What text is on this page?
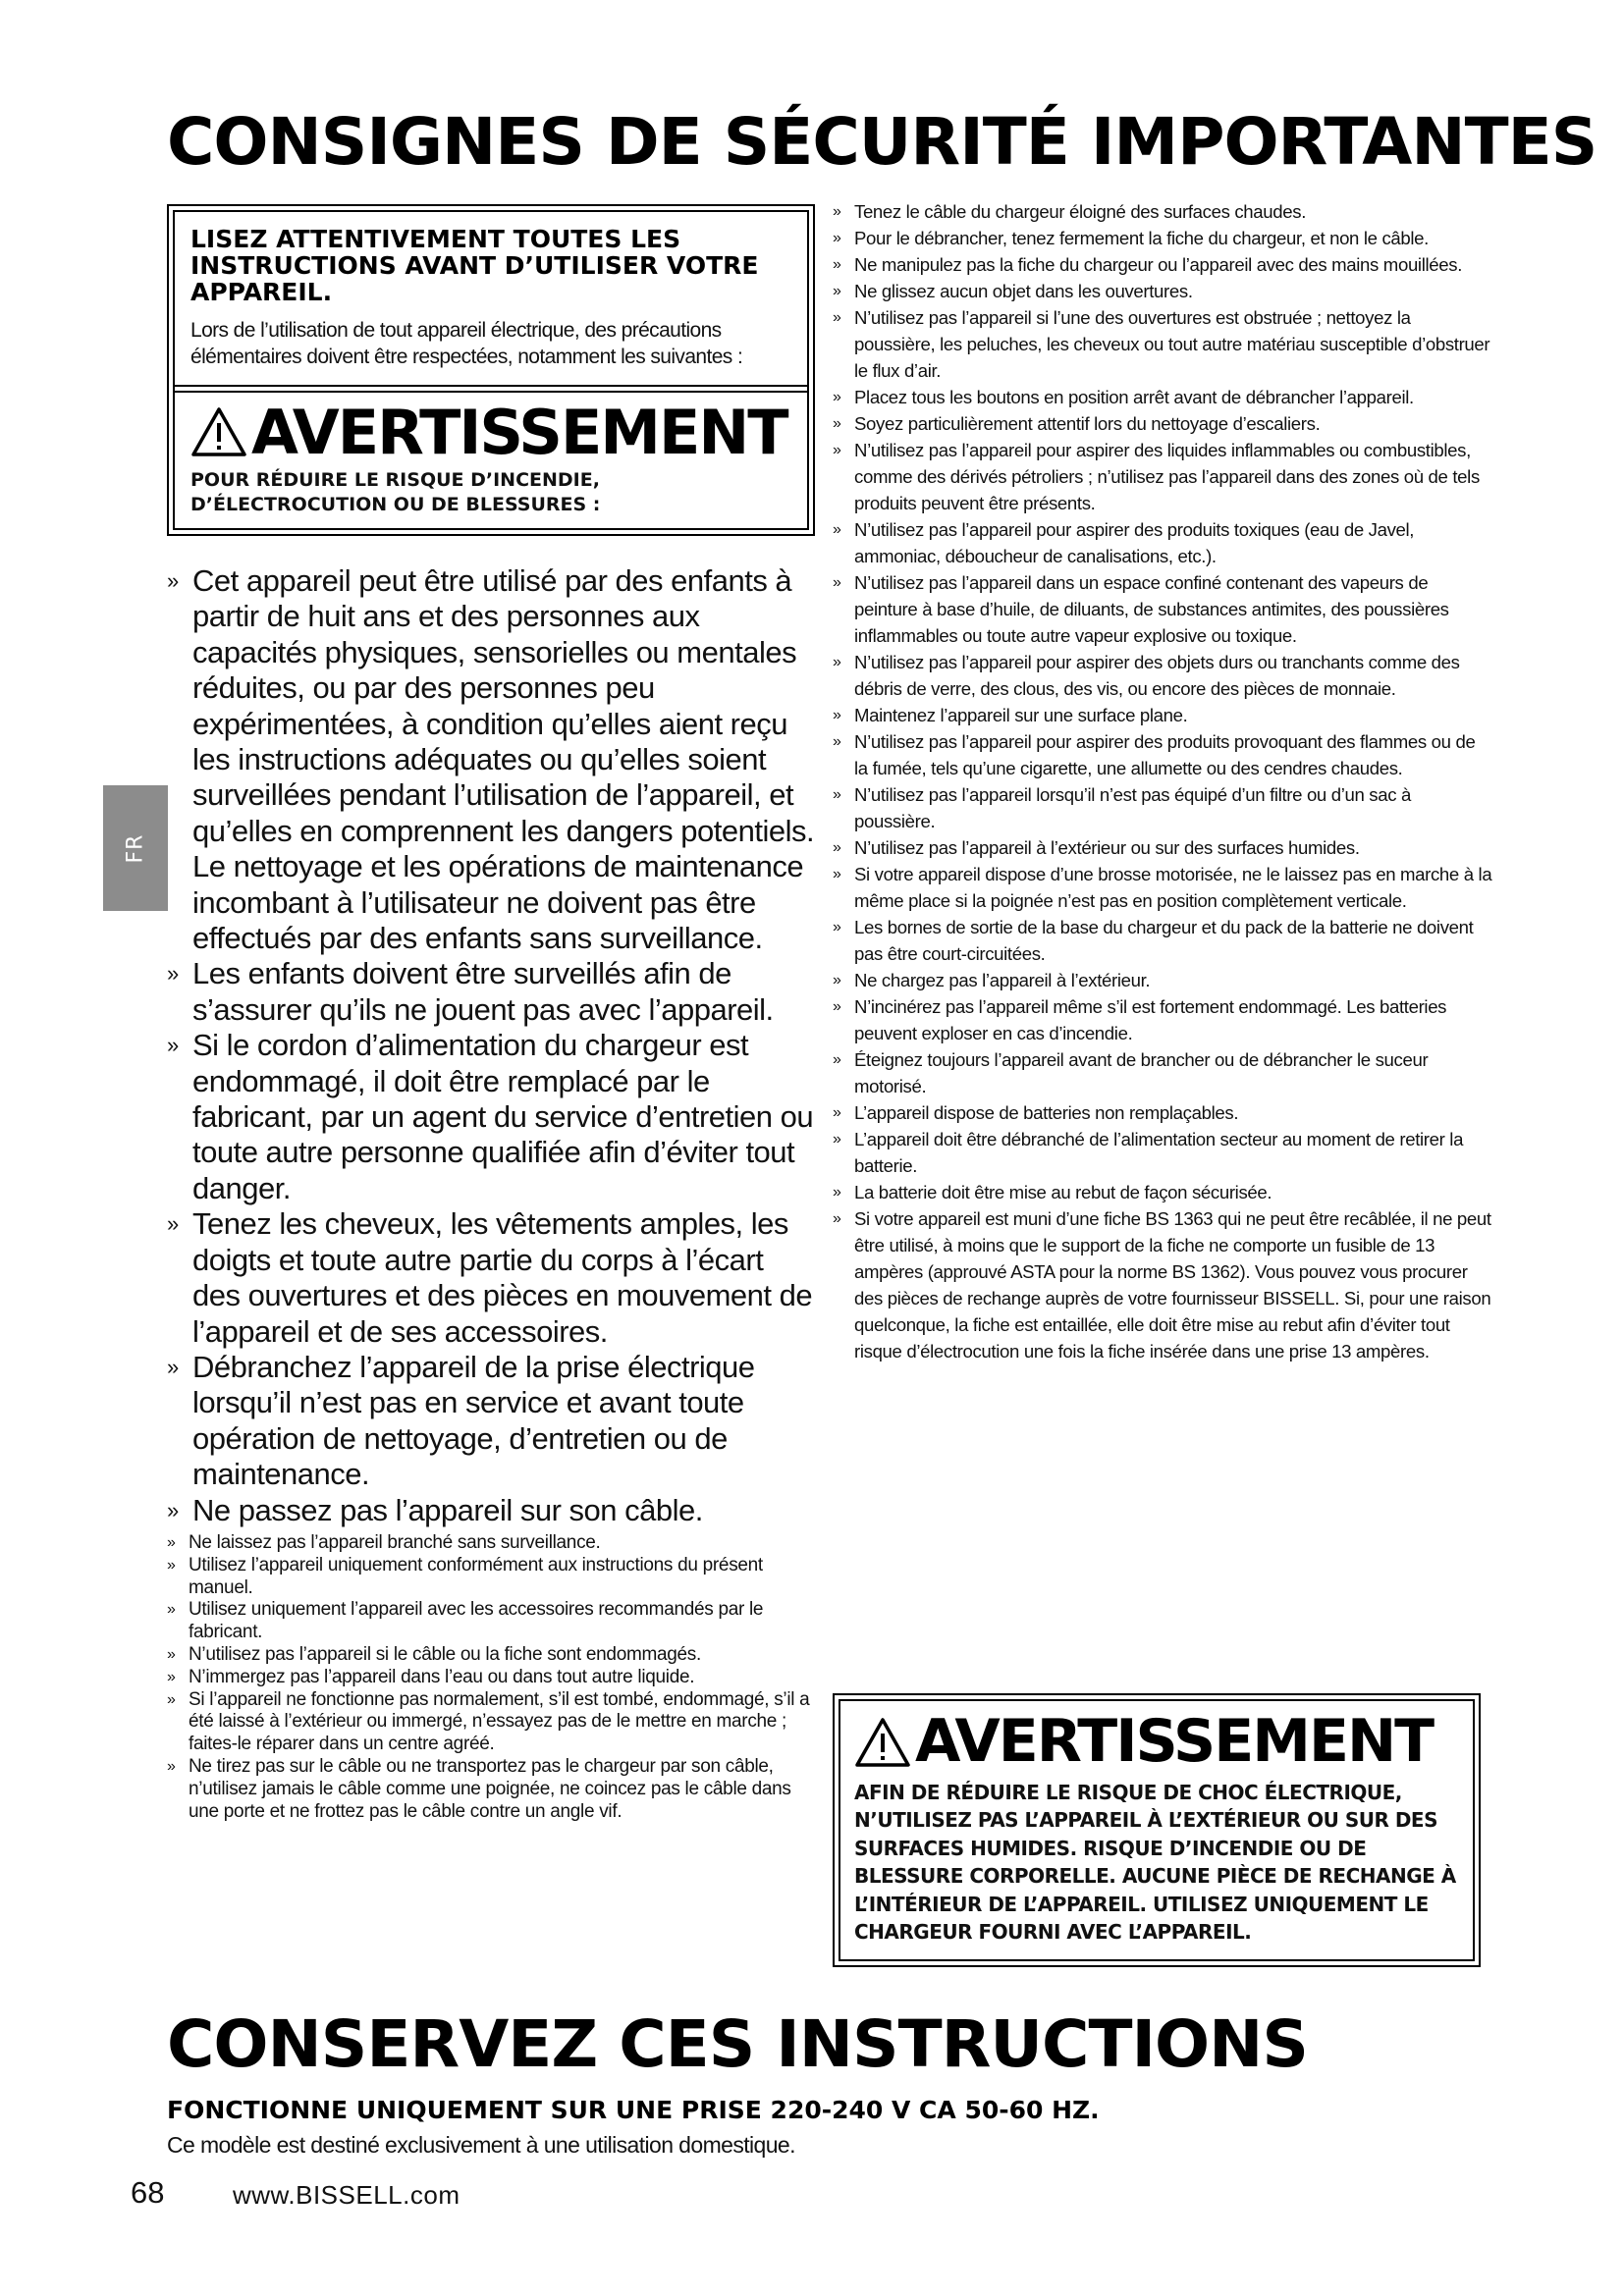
CONSIGNES DE SÉCURITÉ IMPORTANTES
FR
LISEZ ATTENTIVEMENT TOUTES LES INSTRUCTIONS AVANT D’UTILISER VOTRE APPAREIL.
Lors de l’utilisation de tout appareil électrique, des précautions élémentaires doivent être respectées, notamment les suivantes :
AVERTISSEMENT
POUR RÉDUIRE LE RISQUE D’INCENDIE, D’ÉLECTROCUTION OU DE BLESSURES :
» Cet appareil peut être utilisé par des enfants à partir de huit ans et des personnes aux capacités physiques, sensorielles ou mentales réduites, ou par des personnes peu expérimentées, à condition qu’elles aient reçu les instructions adéquates ou qu’elles soient surveillées pendant l’utilisation de l’appareil, et qu’elles en comprennent les dangers potentiels. Le nettoyage et les opérations de maintenance incombant à l’utilisateur ne doivent pas être effectués par des enfants sans surveillance.
» Les enfants doivent être surveillés afin de s’assurer qu’ils ne jouent pas avec l’appareil.
» Si le cordon d’alimentation du chargeur est endommagé, il doit être remplacé par le fabricant, par un agent du service d’entretien ou toute autre personne qualifiée afin d’éviter tout danger.
» Tenez les cheveux, les vêtements amples, les doigts et toute autre partie du corps à l’écart des ouvertures et des pièces en mouvement de l’appareil et de ses accessoires.
» Débranchez l’appareil de la prise électrique lorsqu’il n’est pas en service et avant toute opération de nettoyage, d’entretien ou de maintenance.
» Ne passez pas l’appareil sur son câble.
» Ne laissez pas l’appareil branché sans surveillance.
» Utilisez l’appareil uniquement conformément aux instructions du présent manuel.
» Utilisez uniquement l’appareil avec les accessoires recommandés par le fabricant.
» N’utilisez pas l’appareil si le câble ou la fiche sont endommagés.
» N’immergez pas l’appareil dans l’eau ou dans tout autre liquide.
» Si l’appareil ne fonctionne pas normalement, s’il est tombé, endommagé, s’il a été laissé à l’extérieur ou immergé, n’essayez pas de le mettre en marche ; faites-le réparer dans un centre agréé.
» Ne tirez pas sur le câble ou ne transportez pas le chargeur par son câble, n’utilisez jamais le câble comme une poignée, ne coincez pas le câble dans une porte et ne frottez pas le câble contre un angle vif.
» Tenez le câble du chargeur éloigné des surfaces chaudes.
» Pour le débrancher, tenez fermement la fiche du chargeur, et non le câble.
» Ne manipulez pas la fiche du chargeur ou l’appareil avec des mains mouillées.
» Ne glissez aucun objet dans les ouvertures.
» N’utilisez pas l’appareil si l’une des ouvertures est obstruée ; nettoyez la poussière, les peluches, les cheveux ou tout autre matériau susceptible d’obstruer le flux d’air.
» Placez tous les boutons en position arrêt avant de débrancher l’appareil.
» Soyez particulièrement attentif lors du nettoyage d’escaliers.
» N’utilisez pas l’appareil pour aspirer des liquides inflammables ou combustibles, comme des dérivés pétroliers ; n’utilisez pas l’appareil dans des zones où de tels produits peuvent être présents.
» N’utilisez pas l’appareil pour aspirer des produits toxiques (eau de Javel, ammoniac, déboucheur de canalisations, etc.).
» N’utilisez pas l’appareil dans un espace confiné contenant des vapeurs de peinture à base d’huile, de diluants, de substances antimites, des poussières inflammables ou toute autre vapeur explosive ou toxique.
» N’utilisez pas l’appareil pour aspirer des objets durs ou tranchants comme des débris de verre, des clous, des vis, ou encore des pièces de monnaie.
» Maintenez l’appareil sur une surface plane.
» N’utilisez pas l’appareil pour aspirer des produits provoquant des flammes ou de la fumée, tels qu’une cigarette, une allumette ou des cendres chaudes.
» N’utilisez pas l’appareil lorsqu’il n’est pas équipé d’un filtre ou d’un sac à poussière.
» N’utilisez pas l’appareil à l’extérieur ou sur des surfaces humides.
» Si votre appareil dispose d’une brosse motorisée, ne le laissez pas en marche à la même place si la poignée n’est pas en position complètement verticale.
» Les bornes de sortie de la base du chargeur et du pack de la batterie ne doivent pas être court-circuitées.
» Ne chargez pas l’appareil à l’extérieur.
» N’incinérez pas l’appareil même s’il est fortement endommagé. Les batteries peuvent exploser en cas d’incendie.
» Éteignez toujours l’appareil avant de brancher ou de débrancher le suceur motorisé.
» L’appareil dispose de batteries non remplaçables.
» L’appareil doit être débranché de l’alimentation secteur au moment de retirer la batterie.
» La batterie doit être mise au rebut de façon sécurisée.
» Si votre appareil est muni d’une fiche BS 1363 qui ne peut être recâblée, il ne peut être utilisé, à moins que le support de la fiche ne comporte un fusible de 13 ampères (approuvé ASTA pour la norme BS 1362). Vous pouvez vous procurer des pièces de rechange auprès de votre fournisseur BISSELL. Si, pour une raison quelconque, la fiche est entaillée, elle doit être mise au rebut afin d’éviter tout risque d’électrocution une fois la fiche insérée dans une prise 13 ampères.
AVERTISSEMENT
AFIN DE RÉDUIRE LE RISQUE DE CHOC ÉLECTRIQUE, N’UTILISEZ PAS L’APPAREIL À L’EXTÉRIEUR OU SUR DES SURFACES HUMIDES. RISQUE D’INCENDIE OU DE BLESSURE CORPORELLE. AUCUNE PIÈCE DE RECHANGE À L’INTÉRIEUR DE L’APPAREIL. UTILISEZ UNIQUEMENT LE CHARGEUR FOURNI AVEC L’APPAREIL.
CONSERVEZ CES INSTRUCTIONS
FONCTIONNE UNIQUEMENT SUR UNE PRISE 220-240 V CA 50-60 HZ.
Ce modèle est destiné exclusivement à une utilisation domestique.
68	www.BISSELL.com
